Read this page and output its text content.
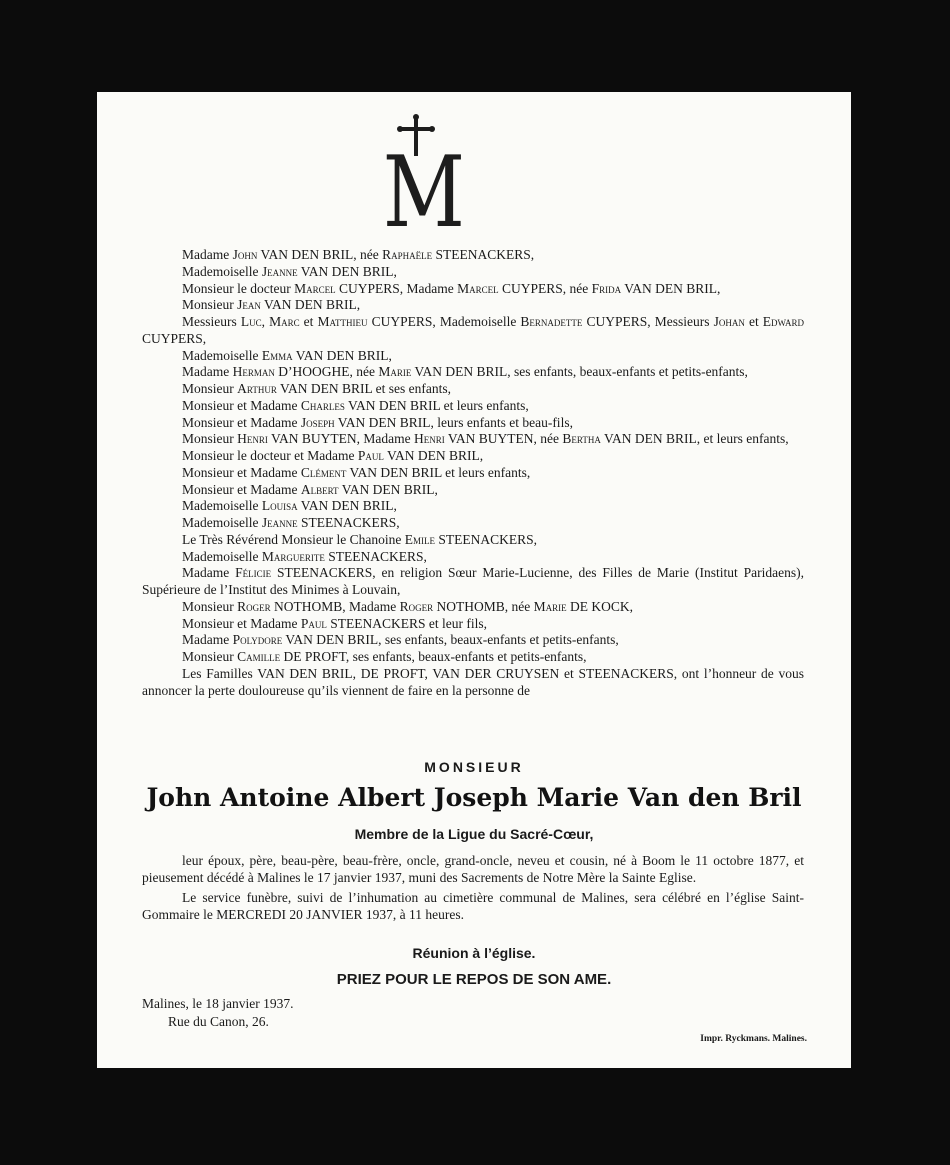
M

Madame John VAN DEN BRIL, née Raphaële STEENACKERS,

Mademoiselle Jeanne VAN DEN BRIL,

Monsieur le docteur Marcel CUYPERS, Madame Marcel CUYPERS, née Frida VAN DEN BRIL,

Monsieur Jean VAN DEN BRIL,

Messieurs Luc, Marc et Matthieu CUYPERS, Mademoiselle Bernadette CUYPERS, Messieurs Johan et Edward CUYPERS,

Mademoiselle Emma VAN DEN BRIL,

Madame Herman D’HOOGHE, née Marie VAN DEN BRIL, ses enfants, beaux-enfants et petits-enfants,

Monsieur Arthur VAN DEN BRIL et ses enfants,

Monsieur et Madame Charles VAN DEN BRIL et leurs enfants,

Monsieur et Madame Joseph VAN DEN BRIL, leurs enfants et beau-fils,

Monsieur Henri VAN BUYTEN, Madame Henri VAN BUYTEN, née Bertha VAN DEN BRIL, et leurs enfants,

Monsieur le docteur et Madame Paul VAN DEN BRIL,

Monsieur et Madame Clément VAN DEN BRIL et leurs enfants,

Monsieur et Madame Albert VAN DEN BRIL,

Mademoiselle Louisa VAN DEN BRIL,

Mademoiselle Jeanne STEENACKERS,

Le Très Révérend Monsieur le Chanoine Emile STEENACKERS,

Mademoiselle Marguerite STEENACKERS,

Madame Félicie STEENACKERS, en religion Sœur Marie-Lucienne, des Filles de Marie (Institut Paridaens), Supérieure de l’Institut des Minimes à Louvain,

Monsieur Roger NOTHOMB, Madame Roger NOTHOMB, née Marie DE KOCK,

Monsieur et Madame Paul STEENACKERS et leur fils,

Madame Polydore VAN DEN BRIL, ses enfants, beaux-enfants et petits-enfants,

Monsieur Camille DE PROFT, ses enfants, beaux-enfants et petits-enfants,

Les Familles VAN DEN BRIL, DE PROFT, VAN DER CRUYSEN et STEENACKERS, ont l’honneur de vous annoncer la perte douloureuse qu’ils viennent de faire en la personne de

MONSIEUR
John Antoine Albert Joseph Marie Van den Bril
Membre de la Ligue du Sacré-Cœur,

leur époux, père, beau-père, beau-frère, oncle, grand-oncle, neveu et cousin, né à Boom le 11 octobre 1877, et pieusement décédé à Malines le 17 janvier 1937, muni des Sacrements de Notre Mère la Sainte Eglise.

Le service funèbre, suivi de l’inhumation au cimetière communal de Malines, sera célébré en l’église Saint-Gommaire le MERCREDI 20 JANVIER 1937, à 11 heures.

Réunion à l’église.
PRIEZ POUR LE REPOS DE SON AME.
Malines, le 18 janvier 1937.
Rue du Canon, 26.
Impr. Ryckmans. Malines.
